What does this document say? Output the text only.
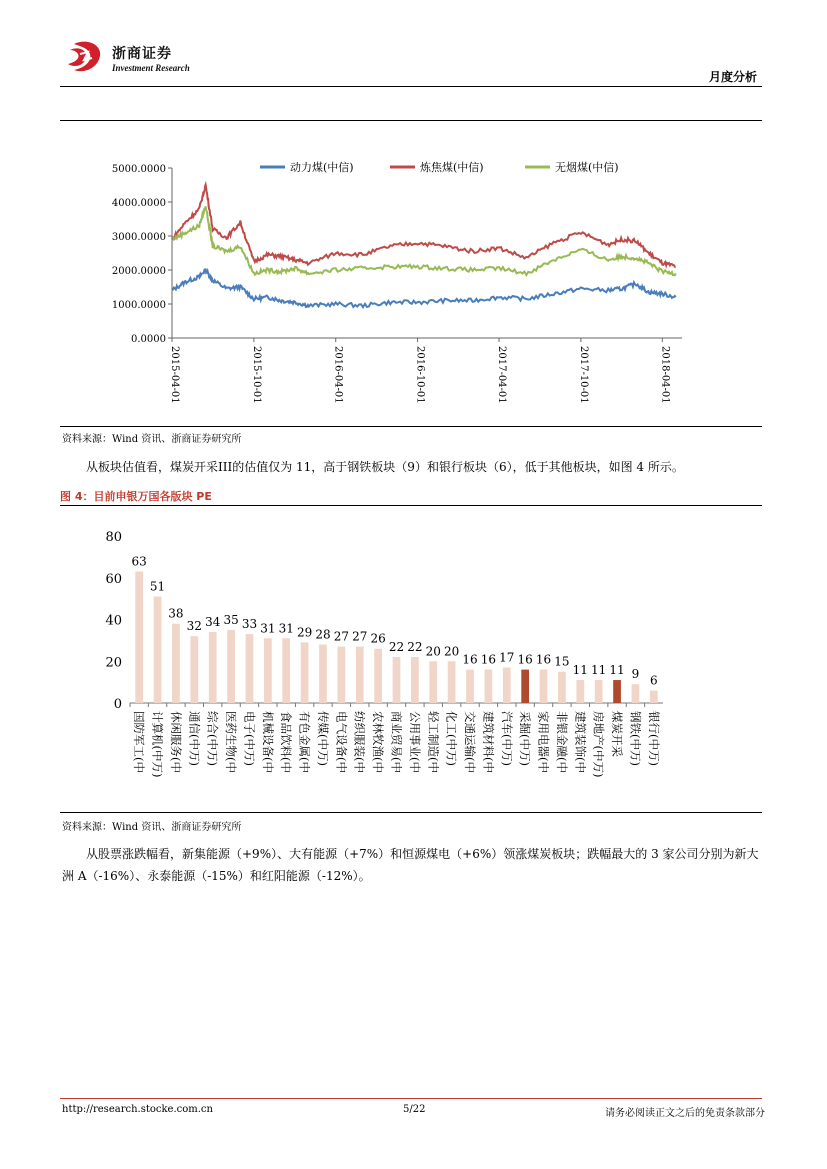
浙商证券
Investment Research
月度分析
动力煤(中信)	炼焦煤(中信)	无烟煤(中信)
0.0000
1000.0000
2000.0000
3000.0000
4000.0000
5000.0000
2015-04-01	2015-10-01	2016-04-01	2016-10-01	2017-04-01	2017-10-01	2018-04-01
资料来源：Wind 资讯、浙商证券研究所

从板块估值看，煤炭开采III的估值仅为 11，高于钢铁板块（9）和银行板块（6），低于其他板块，如图 4 所示。

图 4：目前申银万国各版块 PE
0
20
40
60
80
国防军工(中 计算机(中万) 休闲服务(中 通信(中万) 综合(中万) 医药生物(中 电子(中万) 机械设备(中 食品饮料(中 有色金属(中 传媒(中万) 电气设备(中 纺织服装(中 农林牧渔(中 商业贸易(中 公用事业(中 轻工制造(中 化工(中万) 交通运输(中 建筑材料(中 汽车(中万) 采掘(中万) 家用电器(中 非银金融(中 建筑装饰(中 房地产(中万) 煤炭开采 钢铁(中万) 银行(中万)
63
51
38
32 34 35 33 31 31 29 28 27 27 26
22 22 20 20
16 16 17 16 16 15
11 11 11 9 6
资料来源：Wind 资讯、浙商证券研究所

从股票涨跌幅看，新集能源（+9%）、大有能源（+7%）和恒源煤电（+6%）领涨煤炭板块；跌幅最大的 3 家公司分别为新大洲 A（-16%）、永泰能源（-15%）和红阳能源（-12%）。

http://research.stocke.com.cn	5/22	请务必阅读正文之后的免责条款部分
